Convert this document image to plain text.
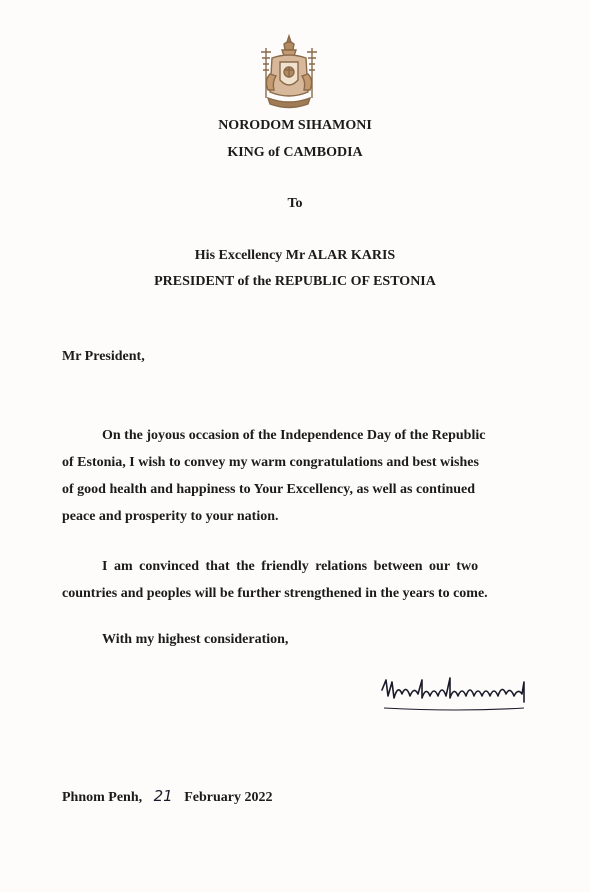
NORODOM SIHAMONI
KING of CAMBODIA
To
His Excellency Mr ALAR KARIS
PRESIDENT of the REPUBLIC OF ESTONIA
Mr President,
On the joyous occasion of the Independence Day of the Republic
of Estonia, I wish to convey my warm congratulations and best wishes
of good health and happiness to Your Excellency, as well as continued
peace and prosperity to your nation.
I am convinced that the friendly relations between our two
countries and peoples will be further strengthened in the years to come.
With my highest consideration,
Phnom Penh, 21 February 2022
